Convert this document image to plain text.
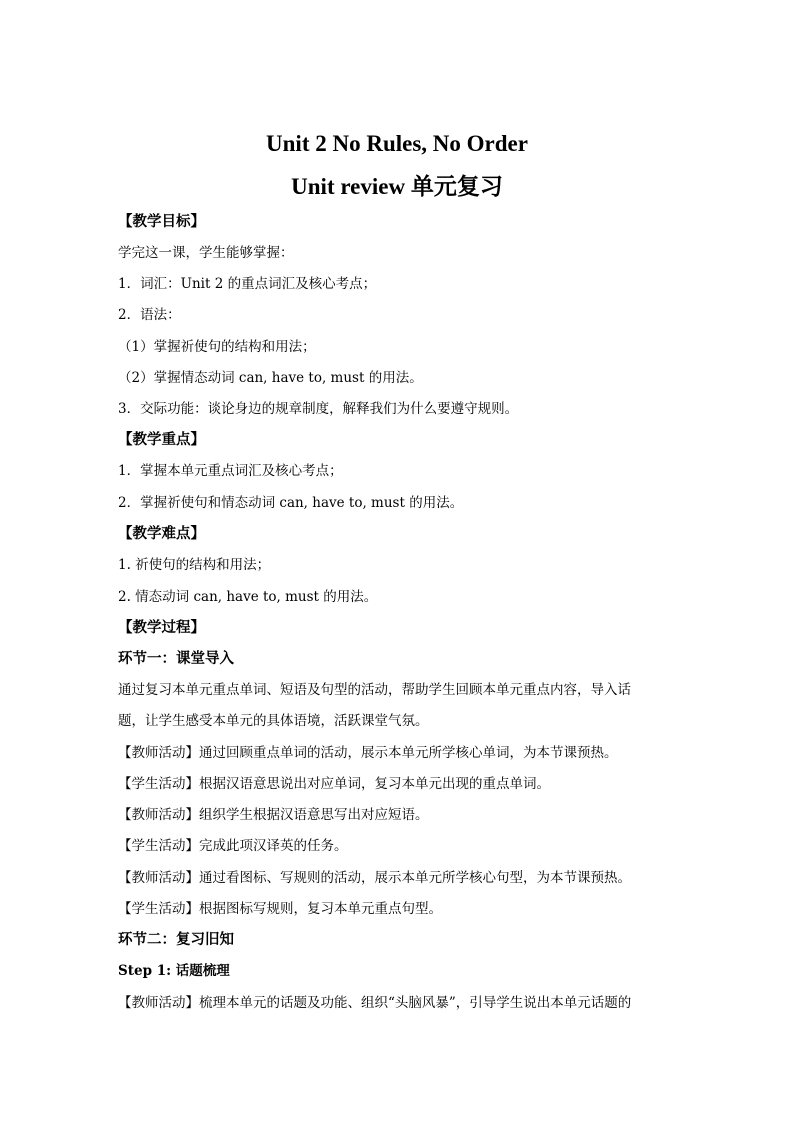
Unit 2 No Rules, No Order
Unit review 单元复习
【教学目标】
学完这一课，学生能够掌握：
1．词汇：Unit 2 的重点词汇及核心考点；
2．语法：
（1）掌握祈使句的结构和用法；
（2）掌握情态动词 can, have to, must 的用法。
3．交际功能：谈论身边的规章制度，解释我们为什么要遵守规则。
【教学重点】
1．掌握本单元重点词汇及核心考点；
2．掌握祈使句和情态动词 can, have to, must 的用法。
【教学难点】
1. 祈使句的结构和用法；
2. 情态动词 can, have to, must 的用法。
【教学过程】
环节一：课堂导入
通过复习本单元重点单词、短语及句型的活动，帮助学生回顾本单元重点内容，导入话
题，让学生感受本单元的具体语境，活跃课堂气氛。
【教师活动】通过回顾重点单词的活动，展示本单元所学核心单词，为本节课预热。
【学生活动】根据汉语意思说出对应单词，复习本单元出现的重点单词。
【教师活动】组织学生根据汉语意思写出对应短语。
【学生活动】完成此项汉译英的任务。
【教师活动】通过看图标、写规则的活动，展示本单元所学核心句型，为本节课预热。
【学生活动】根据图标写规则，复习本单元重点句型。
环节二：复习旧知
Step 1: 话题梳理
【教师活动】梳理本单元的话题及功能、组织“头脑风暴”，引导学生说出本单元话题的
